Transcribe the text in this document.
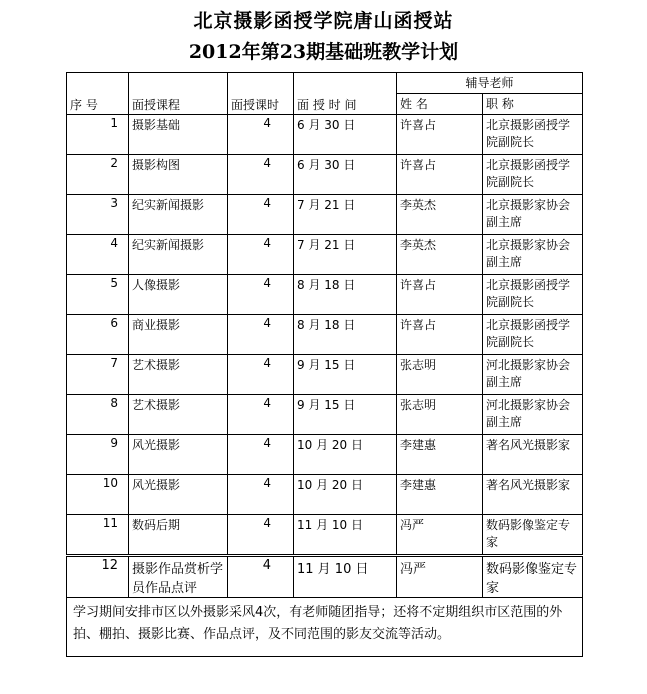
北京摄影函授学院唐山函授站
2012年第23期基础班教学计划
序 号	面授课程	面授课时	面 授 时 间	辅导老师	
				姓 名	职 称
1	摄影基础	4	6 月 30 日	许喜占	北京摄影函授学院副院长
2	摄影构图	4	6 月 30 日	许喜占	北京摄影函授学院副院长
3	纪实新闻摄影	4	7 月 21 日	李英杰	北京摄影家协会副主席
4	纪实新闻摄影	4	7 月 21 日	李英杰	北京摄影家协会副主席
5	人像摄影	4	8 月 18 日	许喜占	北京摄影函授学院副院长
6	商业摄影	4	8 月 18 日	许喜占	北京摄影函授学院副院长
7	艺术摄影	4	9 月 15 日	张志明	河北摄影家协会副主席
8	艺术摄影	4	9 月 15 日	张志明	河北摄影家协会副主席
9	风光摄影	4	10 月 20 日	李建惠	著名风光摄影家
10	风光摄影	4	10 月 20 日	李建惠	著名风光摄影家
11	数码后期	4	11 月 10 日	冯严	数码影像鉴定专家
12	摄影作品赏析学员作品点评	4	11 月 10 日	冯严	数码影像鉴定专家
学习期间安排市区以外摄影采风4次，有老师随团指导；还将不定期组织市区范围的外拍、棚拍、摄影比赛、作品点评，及不同范围的影友交流等活动。					
